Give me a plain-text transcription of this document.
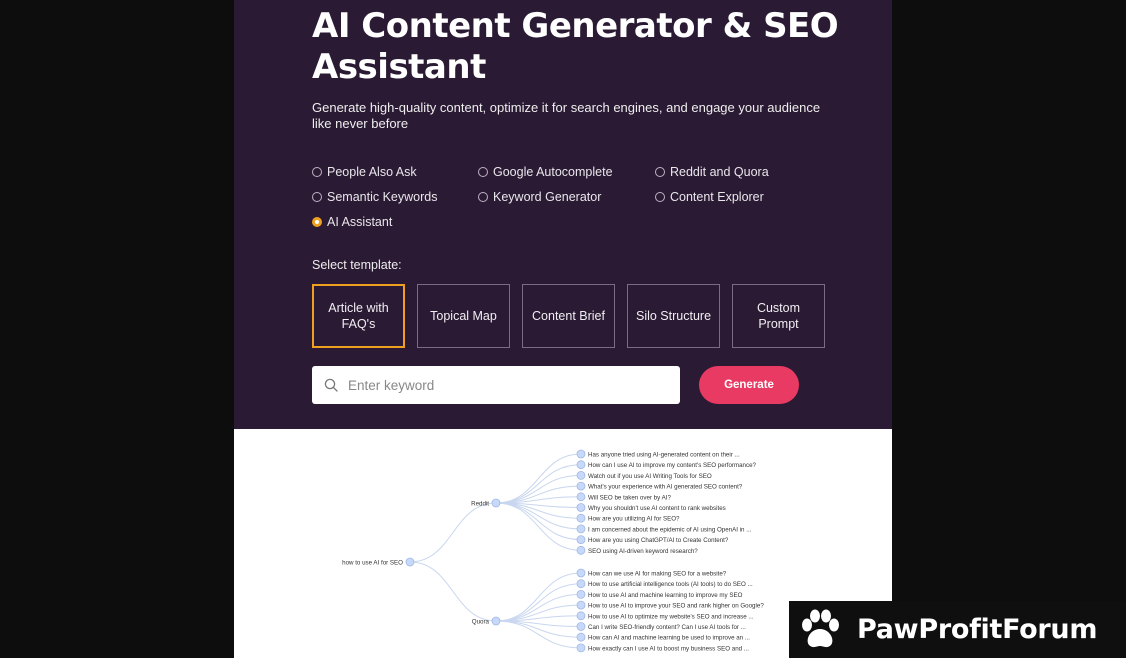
AI Content Generator & SEO Assistant
Generate high-quality content, optimize it for search engines, and engage your audience like never before
People Also Ask	Google Autocomplete	Reddit and Quora
Semantic Keywords	Keyword Generator	Content Explorer
AI Assistant
Select template:
Article with FAQ's
Topical Map	Content Brief	Silo Structure
Custom Prompt
Enter keyword
Generate
Has anyone tried using AI-generated content on their ...
How can I use AI to improve my content's SEO performance?
Watch out if you use AI Writing Tools for SEO
What's your experience with AI generated SEO content?
Will SEO be taken over by AI?
Why you shouldn't use AI content to rank websites
How are you utilizing AI for SEO?
I am concerned about the epidemic of AI using OpenAI in ...
How are you using ChatGPT/AI to Create Content?
SEO using AI-driven keyword research?
Reddit
How can we use AI for making SEO for a website?
How to use artificial intelligence tools (AI tools) to do SEO ...
How to use AI and machine learning to improve my SEO
How to use AI to improve your SEO and rank higher on Google?
How to use AI to optimize my website's SEO and increase ...
Can I write SEO-friendly content? Can I use AI tools for ...
How can AI and machine learning be used to improve an ...
How exactly can I use AI to boost my business SEO and ...
Quora
how to use AI for SEO
PawProfitForum
